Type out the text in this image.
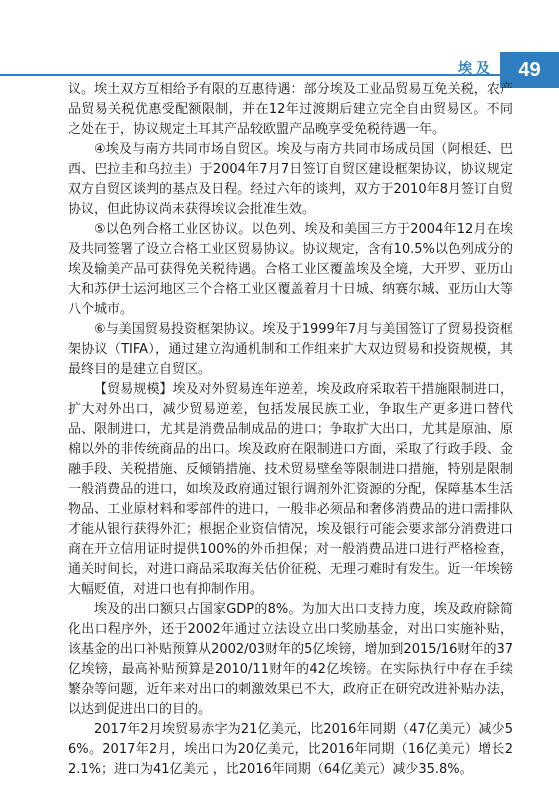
埃及	49

议。埃土双方互相给予有限的互惠待遇：部分埃及工业品贸易互免关税，农产品贸易关税优惠受配额限制，并在12年过渡期后建立完全自由贸易区。不同之处在于，协议规定土耳其产品较欧盟产品晚享受免税待遇一年。

④埃及与南方共同市场自贸区。埃及与南方共同市场成员国（阿根廷、巴西、巴拉圭和乌拉圭）于2004年7月7日签订自贸区建设框架协议，协议规定双方自贸区谈判的基点及日程。经过六年的谈判，双方于2010年8月签订自贸协议，但此协议尚未获得埃议会批准生效。

⑤以色列合格工业区协议。以色列、埃及和美国三方于2004年12月在埃及共同签署了设立合格工业区贸易协议。协议规定，含有10.5%以色列成分的埃及输美产品可获得免关税待遇。合格工业区覆盖埃及全境，大开罗、亚历山大和苏伊士运河地区三个合格工业区覆盖着月十日城、纳赛尔城、亚历山大等八个城市。

⑥与美国贸易投资框架协议。埃及于1999年7月与美国签订了贸易投资框架协议（TIFA），通过建立沟通机制和工作组来扩大双边贸易和投资规模，其最终目的是建立自贸区。

【贸易规模】埃及对外贸易连年逆差，埃及政府采取若干措施限制进口，扩大对外出口，减少贸易逆差，包括发展民族工业，争取生产更多进口替代品、限制进口，尤其是消费品制成品的进口；争取扩大出口，尤其是原油、原棉以外的非传统商品的出口。埃及政府在限制进口方面，采取了行政手段、金融手段、关税措施、反倾销措施、技术贸易壁垒等限制进口措施，特别是限制一般消费品的进口，如埃及政府通过银行调剂外汇资源的分配，保障基本生活物品、工业原材料和零部件的进口，一般非必须品和奢侈消费品的进口需排队才能从银行获得外汇；根据企业资信情况，埃及银行可能会要求部分消费进口商在开立信用证时提供100%的外币担保；对一般消费品进口进行严格检查，通关时间长，对进口商品采取海关估价征税、无理刁难时有发生。近一年埃镑大幅贬值，对进口也有抑制作用。

埃及的出口额只占国家GDP的8%。为加大出口支持力度，埃及政府除简化出口程序外，还于2002年通过立法设立出口奖励基金，对出口实施补贴，该基金的出口补贴预算从2002/03财年的5亿埃镑，增加到2015/16财年的37亿埃镑，最高补贴预算是2010/11财年的42亿埃镑。在实际执行中存在手续繁杂等问题，近年来对出口的刺激效果已不大，政府正在研究改进补贴办法，以达到促进出口的目的。

2017年2月埃贸易赤字为21亿美元，比2016年同期（47亿美元）减少56%。2017年2月，埃出口为20亿美元，比2016年同期（16亿美元）增长22.1%；进口为41亿美元 ，比2016年同期（64亿美元）减少35.8%。
